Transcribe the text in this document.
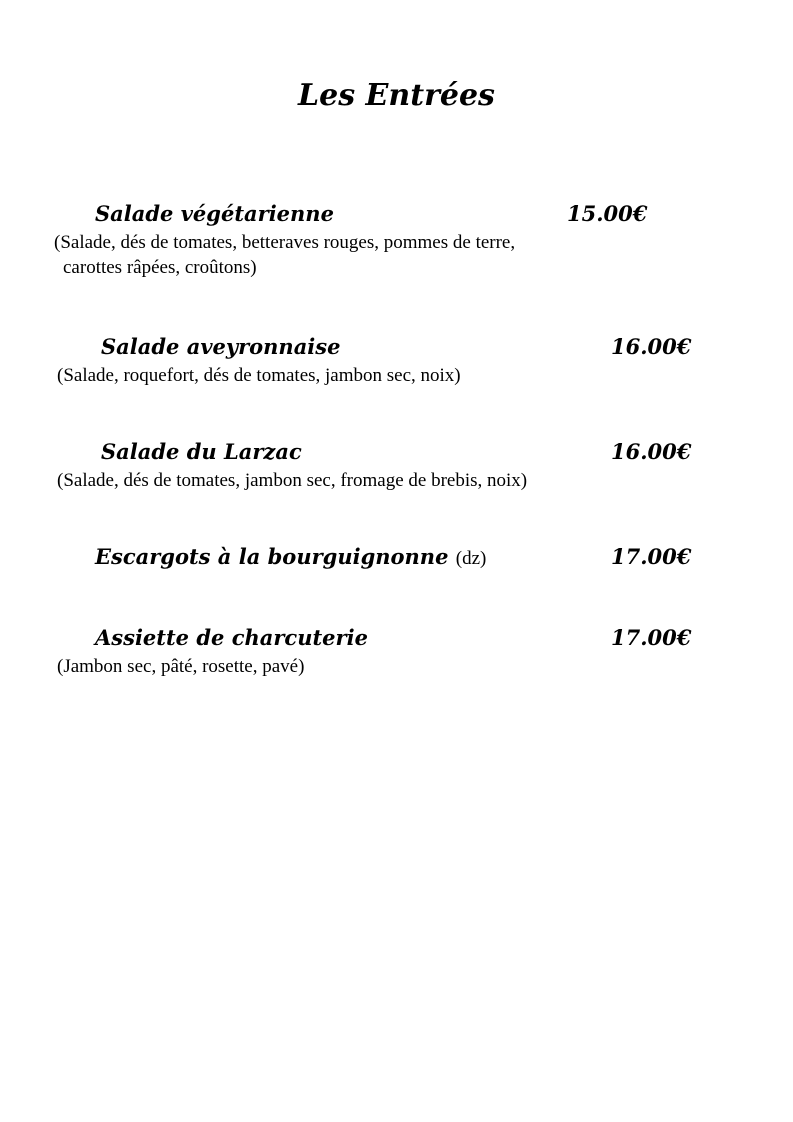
Les Entrées
Salade végétarienne	15.00€
(Salade, dés de tomates, betteraves rouges, pommes de terre,
carottes râpées, croûtons)
Salade aveyronnaise	16.00€
(Salade, roquefort, dés de tomates, jambon sec, noix)
Salade du Larzac	16.00€
(Salade, dés de tomates, jambon sec, fromage de brebis, noix)
Escargots à la bourguignonne (dz)	17.00€
Assiette de charcuterie	17.00€
(Jambon sec, pâté, rosette, pavé)
